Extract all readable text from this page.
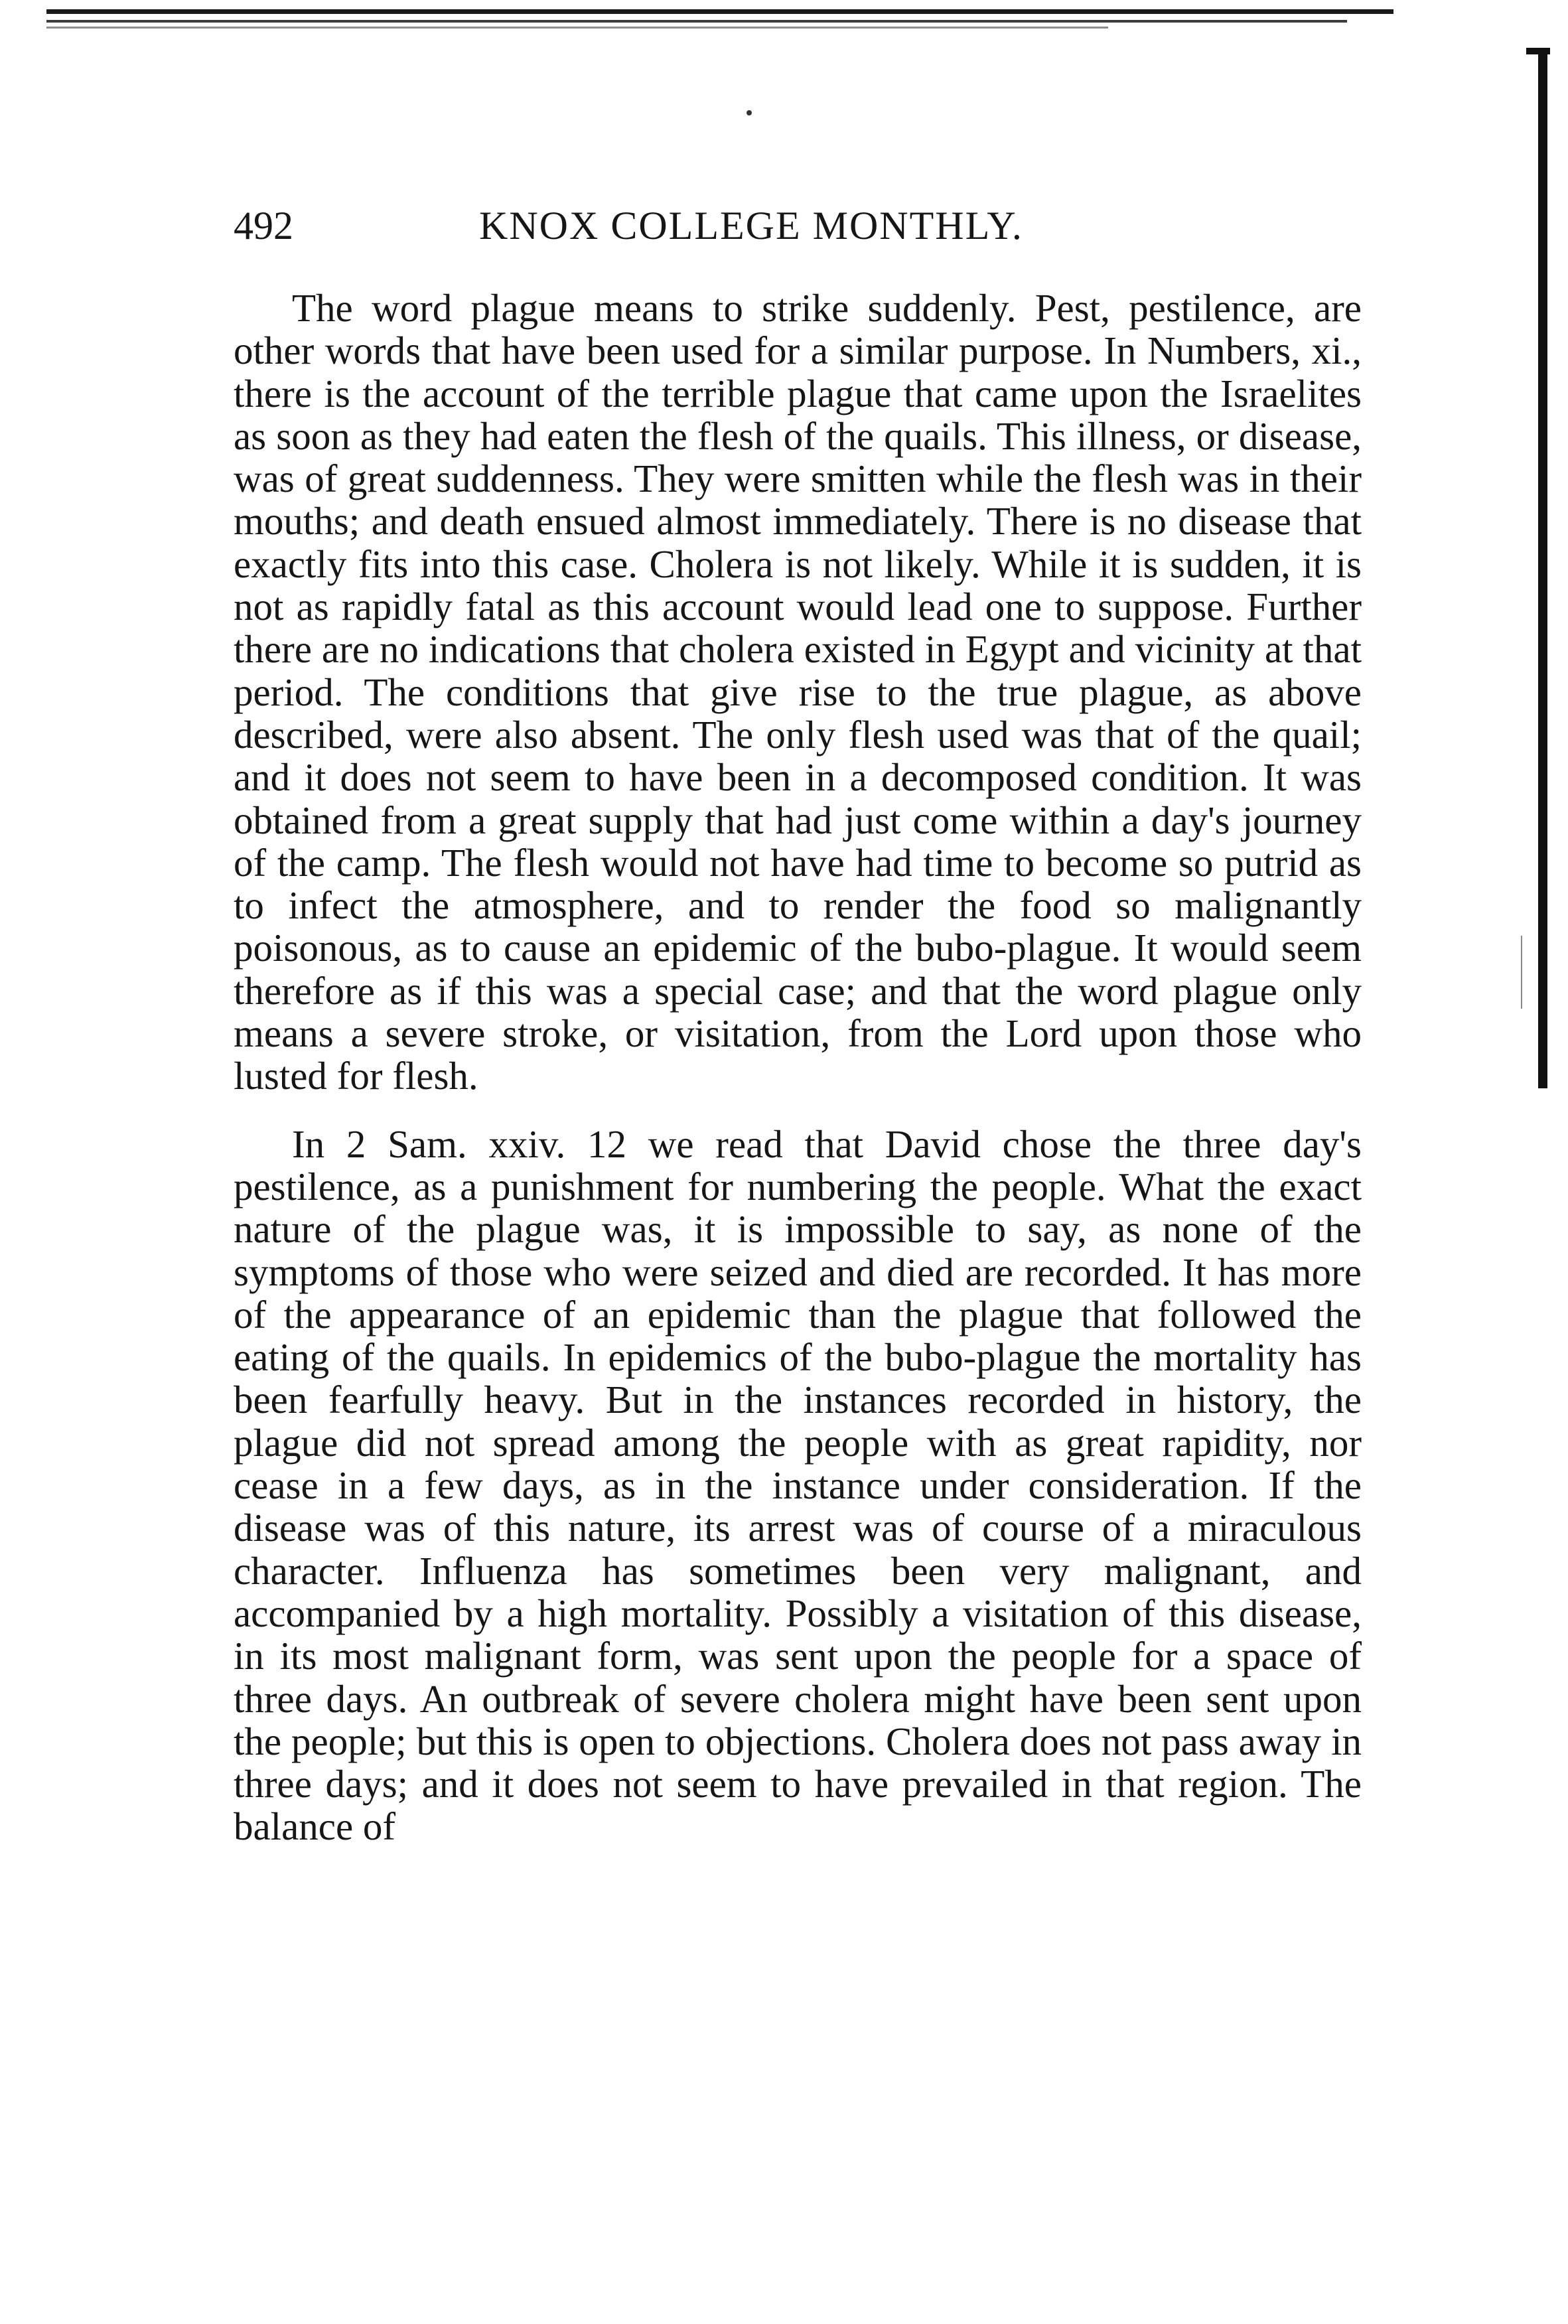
492	KNOX COLLEGE MONTHLY.

The word plague means to strike suddenly. Pest, pestilence, are other words that have been used for a similar purpose. In Numbers, xi., there is the account of the terrible plague that came upon the Israelites as soon as they had eaten the flesh of the quails. This illness, or disease, was of great suddenness. They were smitten while the flesh was in their mouths; and death ensued almost immediately. There is no disease that exactly fits into this case. Cholera is not likely. While it is sudden, it is not as rapidly fatal as this account would lead one to suppose. Further there are no indications that cholera existed in Egypt and vicinity at that period. The conditions that give rise to the true plague, as above described, were also absent. The only flesh used was that of the quail; and it does not seem to have been in a decomposed condition. It was obtained from a great supply that had just come within a day's journey of the camp. The flesh would not have had time to become so putrid as to infect the atmosphere, and to render the food so malignantly poisonous, as to cause an epidemic of the bubo-plague. It would seem therefore as if this was a special case; and that the word plague only means a severe stroke, or visitation, from the Lord upon those who lusted for flesh.

In 2 Sam. xxiv. 12 we read that David chose the three day's pestilence, as a punishment for numbering the people. What the exact nature of the plague was, it is impossible to say, as none of the symptoms of those who were seized and died are recorded. It has more of the appearance of an epidemic than the plague that followed the eating of the quails. In epidemics of the bubo-plague the mortality has been fearfully heavy. But in the instances recorded in history, the plague did not spread among the people with as great rapidity, nor cease in a few days, as in the instance under consideration. If the disease was of this nature, its arrest was of course of a miraculous character. Influenza has sometimes been very malignant, and accompanied by a high mortality. Possibly a visitation of this disease, in its most malignant form, was sent upon the people for a space of three days. An outbreak of severe cholera might have been sent upon the people; but this is open to objections. Cholera does not pass away in three days; and it does not seem to have prevailed in that region. The balance of
